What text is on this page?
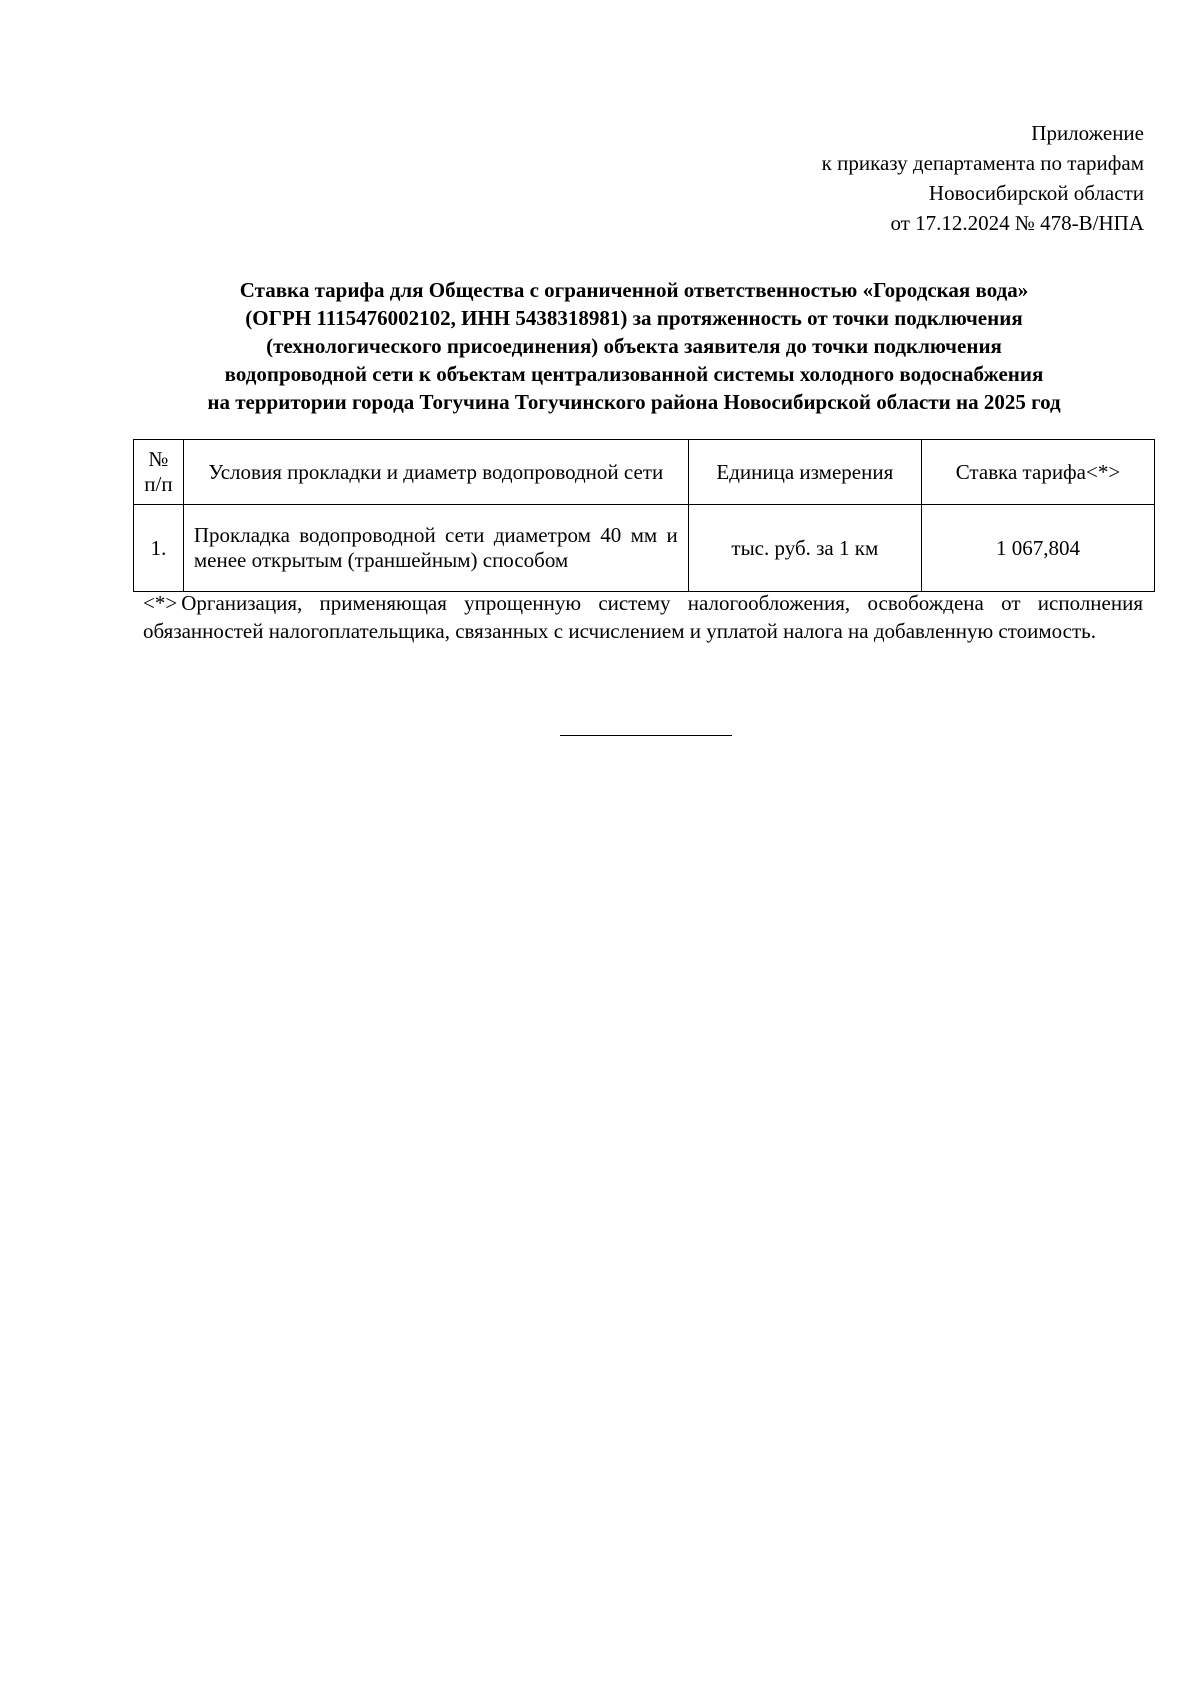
Приложение
к приказу департамента по тарифам
Новосибирской области
от 17.12.2024 № 478-В/НПА
Ставка тарифа для Общества с ограниченной ответственностью «Городская вода»
(ОГРН 1115476002102, ИНН 5438318981) за протяженность от точки подключения
(технологического присоединения) объекта заявителя до точки подключения
водопроводной сети к объектам централизованной системы холодного водоснабжения
на территории города Тогучина Тогучинского района Новосибирской области на 2025 год
№ п/п	Условия прокладки и диаметр водопроводной сети	Единица измерения	Ставка тарифа<*>
1.	Прокладка водопроводной сети диаметром 40 мм и менее открытым (траншейным) способом	тыс. руб. за 1 км	1 067,804
<*> Организация, применяющая упрощенную систему налогообложения, освобождена от исполнения обязанностей налогоплательщика, связанных с исчислением и уплатой налога на добавленную стоимость.
